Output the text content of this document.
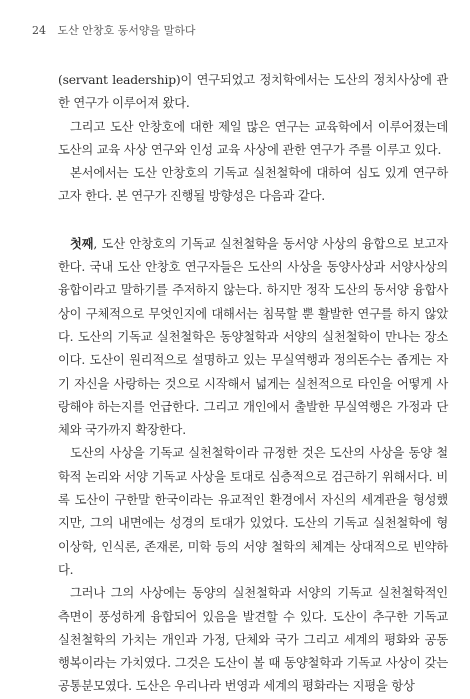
24 도산 안창호 동서양을 말하다

(servant leadership)이 연구되었고 정치학에서는 도산의 정치사상에 관한 연구가 이루어져 왔다.

그리고 도산 안창호에 대한 제일 많은 연구는 교육학에서 이루어졌는데 도산의 교육 사상 연구와 인성 교육 사상에 관한 연구가 주를 이루고 있다.

본서에서는 도산 안창호의 기독교 실천철학에 대하여 심도 있게 연구하고자 한다. 본 연구가 진행될 방향성은 다음과 같다.

첫째, 도산 안창호의 기독교 실천철학을 동서양 사상의 융합으로 보고자 한다. 국내 도산 안창호 연구자들은 도산의 사상을 동양사상과 서양사상의 융합이라고 말하기를 주저하지 않는다. 하지만 정작 도산의 동서양 융합사상이 구체적으로 무엇인지에 대해서는 침묵할 뿐 활발한 연구를 하지 않았다. 도산의 기독교 실천철학은 동양철학과 서양의 실천철학이 만나는 장소이다. 도산이 원리적으로 설명하고 있는 무실역행과 정의돈수는 좁게는 자기 자신을 사랑하는 것으로 시작해서 넓게는 실천적으로 타인을 어떻게 사랑해야 하는지를 언급한다. 그리고 개인에서 출발한 무실역행은 가정과 단체와 국가까지 확장한다.

도산의 사상을 기독교 실천철학이라 규정한 것은 도산의 사상을 동양 철학적 논리와 서양 기독교 사상을 토대로 심층적으로 검근하기 위해서다. 비록 도산이 구한말 한국이라는 유교적인 환경에서 자신의 세계관을 형성했지만, 그의 내면에는 성경의 토대가 있었다. 도산의 기독교 실천철학에 형이상학, 인식론, 존재론, 미학 등의 서양 철학의 체계는 상대적으로 빈약하다.

그러나 그의 사상에는 동양의 실천철학과 서양의 기독교 실천철학적인 측면이 풍성하게 융합되어 있음을 발견할 수 있다. 도산이 추구한 기독교 실천철학의 가치는 개인과 가정, 단체와 국가 그리고 세계의 평화와 공동 행복이라는 가치였다. 그것은 도산이 볼 때 동양철학과 기독교 사상이 갖는 공통분모였다. 도산은 우리나라 번영과 세계의 평화라는 지평을 항상
